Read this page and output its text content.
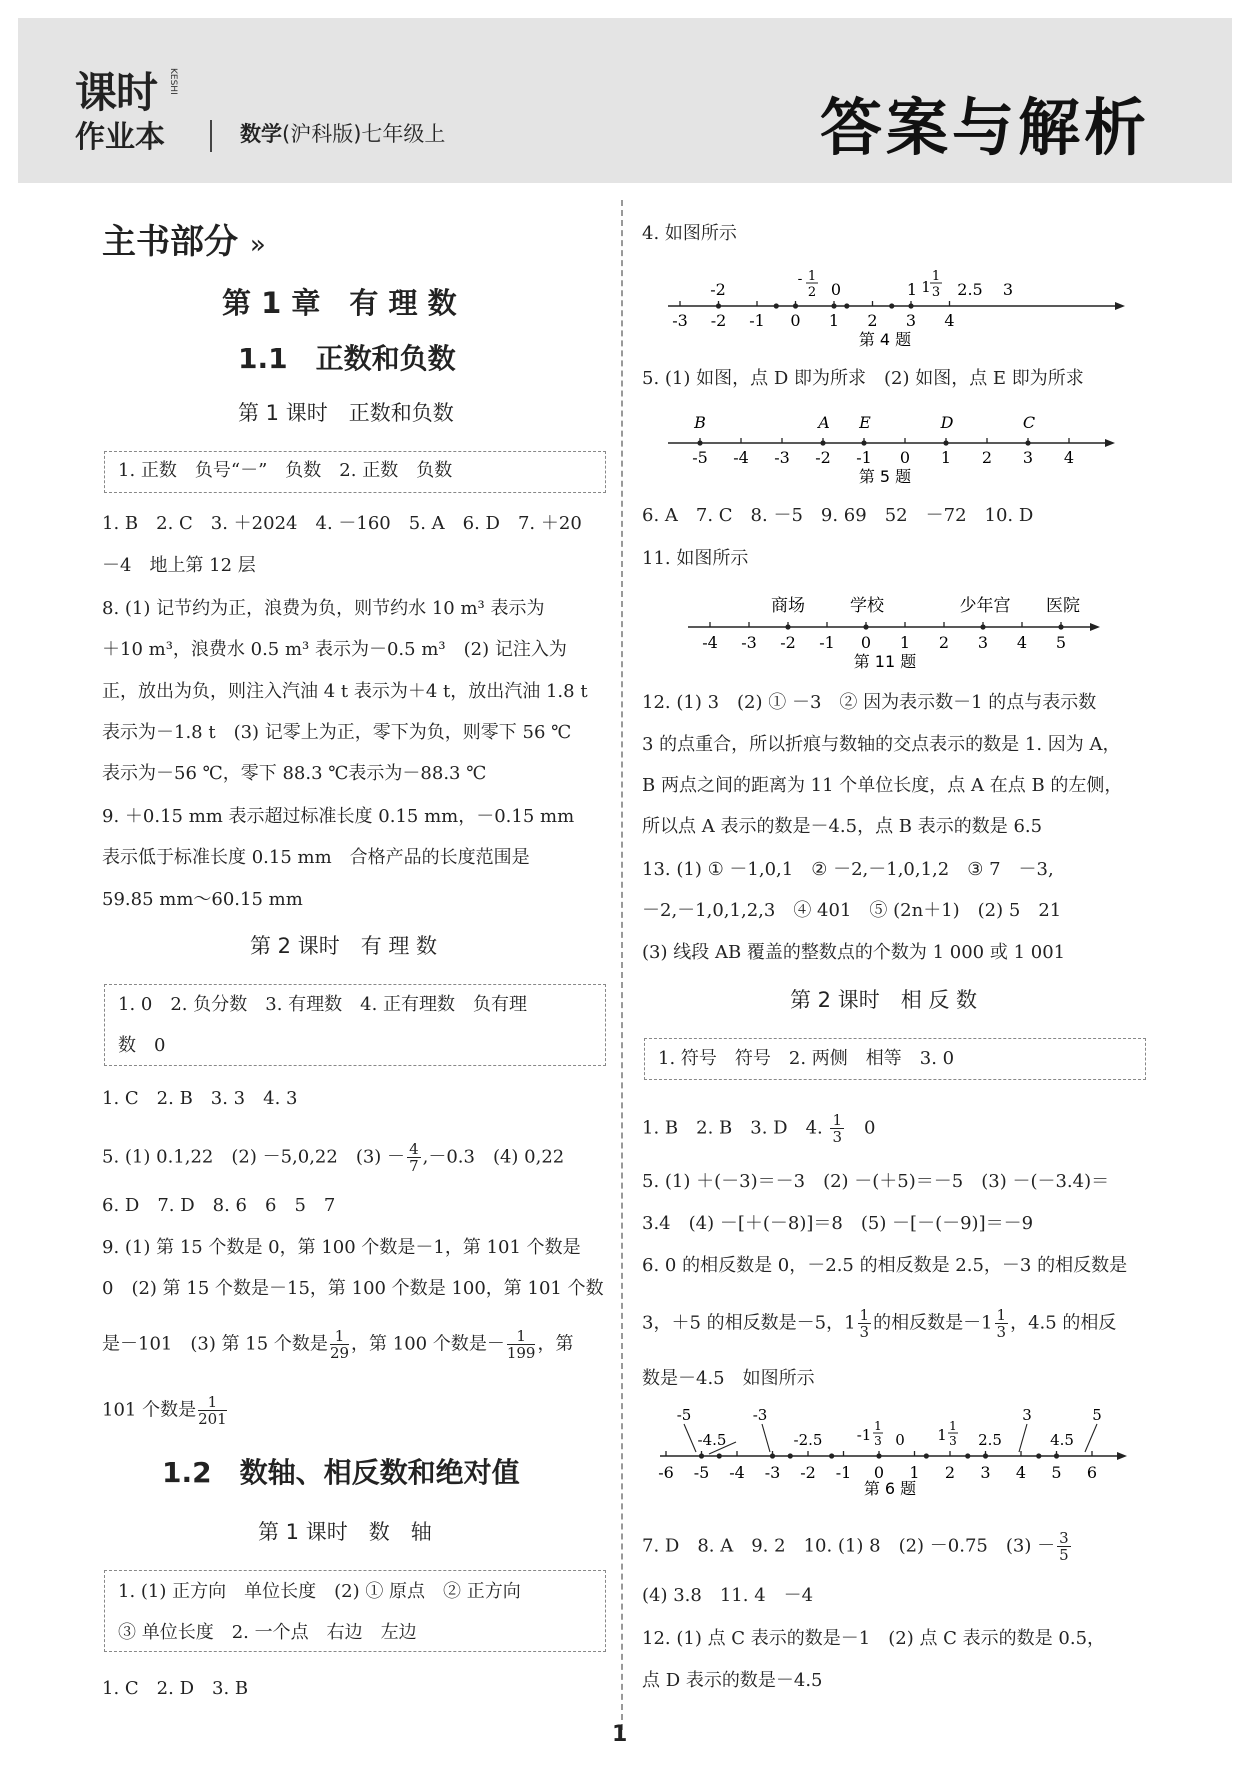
课时 KESHI
作业本	数学(沪科版)七年级上	答案与解析
主书部分 »
第 1 章　有 理 数
1.1　正数和负数
第 1 课时　正数和负数
1. 正数　负号“－”　负数　2. 正数　负数
1. B　2. C　3. ＋2024　4. －160　5. A　6. D　7. ＋20
－4　地上第 12 层
8. (1) 记节约为正，浪费为负，则节约水 10 m³ 表示为
＋10 m³，浪费水 0.5 m³ 表示为－0.5 m³　(2) 记注入为
正，放出为负，则注入汽油 4 t 表示为＋4 t，放出汽油 1.8 t
表示为－1.8 t　(3) 记零上为正，零下为负，则零下 56 ℃
表示为－56 ℃，零下 88.3 ℃表示为－88.3 ℃
9. ＋0.15 mm 表示超过标准长度 0.15 mm，－0.15 mm
表示低于标准长度 0.15 mm　合格产品的长度范围是
59.85 mm～60.15 mm
第 2 课时　有 理 数
1. 0　2. 负分数　3. 有理数　4. 正有理数　负有理
数　0
1. C　2. B　3. 3　4. 3
5. (1) 0.1,22　(2) －5,0,22　$(3) - \frac{4}{7} ,-0.3$　(4) 0,22
6. D　7. D　8. 6　6　5　7
9. (1) 第 15 个数是 0，第 100 个数是－1，第 101 个数是
0　(2) 第 15 个数是－15，第 100 个数是 100，第 101 个数
是－101　(3) 第 15 个数是 $\frac{1}{29}$ ，第 100 个数是－ $\frac{1}{199}$ ，第
101 个数是 $\frac{1}{201}$
1.2　数轴、相反数和绝对值
第 1 课时　数　轴
1. (1) 正方向　单位长度　(2) ① 原点　② 正方向
③ 单位长度　2. 一个点　右边　左边
1. C　2. D　3. B
4. 如图所示
-3 -2 -1 0 1 2 3 4
-2	0	1	2.5 3
- 1
2	1
1
3
第 4 题
5. (1) 如图，点 D 即为所求　(2) 如图，点 E 即为所求
-5 -4 -3 -2 -1 0 1 2 3 4
B	A E	D	C
第 5 题
6. A　7. C　8. －5　9. 69　52　－72　10. D
11. 如图所示
-4 -3 -2 -1 0 1 2 3 4 5
商场	学校	少年宫 医院
第 11 题
12. (1) 3　(2) ① －3　② 因为表示数－1 的点与表示数
3 的点重合，所以折痕与数轴的交点表示的数是 1. 因为 A，
B 两点之间的距离为 11 个单位长度，点 A 在点 B 的左侧，
所以点 A 表示的数是－4.5，点 B 表示的数是 6.5
13. (1) ① －1,0,1　② －2,－1,0,1,2　③ 7　－3,
－2,－1,0,1,2,3　④ 401　⑤ (2n＋1)　(2) 5　21
(3) 线段 AB 覆盖的整数点的个数为 1 000 或 1 001
第 2 课时　相 反 数
1. 符号　符号　2. 两侧　相等　3. 0
1. B　2. B　3. D　4. $\frac{1}{3}$ 　0
5. (1) ＋(－3)＝－3　(2) －(＋5)＝－5　(3) －(－3.4)＝
3.4　(4) －[＋(－8)]＝8　(5) －[－(－9)]＝－9
6. 0 的相反数是 0，－2.5 的相反数是 2.5，－3 的相反数是
3，＋5 的相反数是－5，$1 \frac{1}{3}$ 的相反数是$-1 \frac{1}{3}$ ，4.5 的相反
数是－4.5　如图所示
-6 -5 -4 -3 -2 -1 0 1 2 3 4 5 6
-5
-4.5
-3
-2.5 -1 1
3 0 1 1
3 2.5
3
4.5
5
第 6 题
7. D　8. A　9. 2　10. (1) 8　(2) －0.75　$(3) - \frac{3}{5}$
(4) 3.8　11. 4　－4
12. (1) 点 C 表示的数是－1　(2) 点 C 表示的数是 0.5，
点 D 表示的数是－4.5
1
